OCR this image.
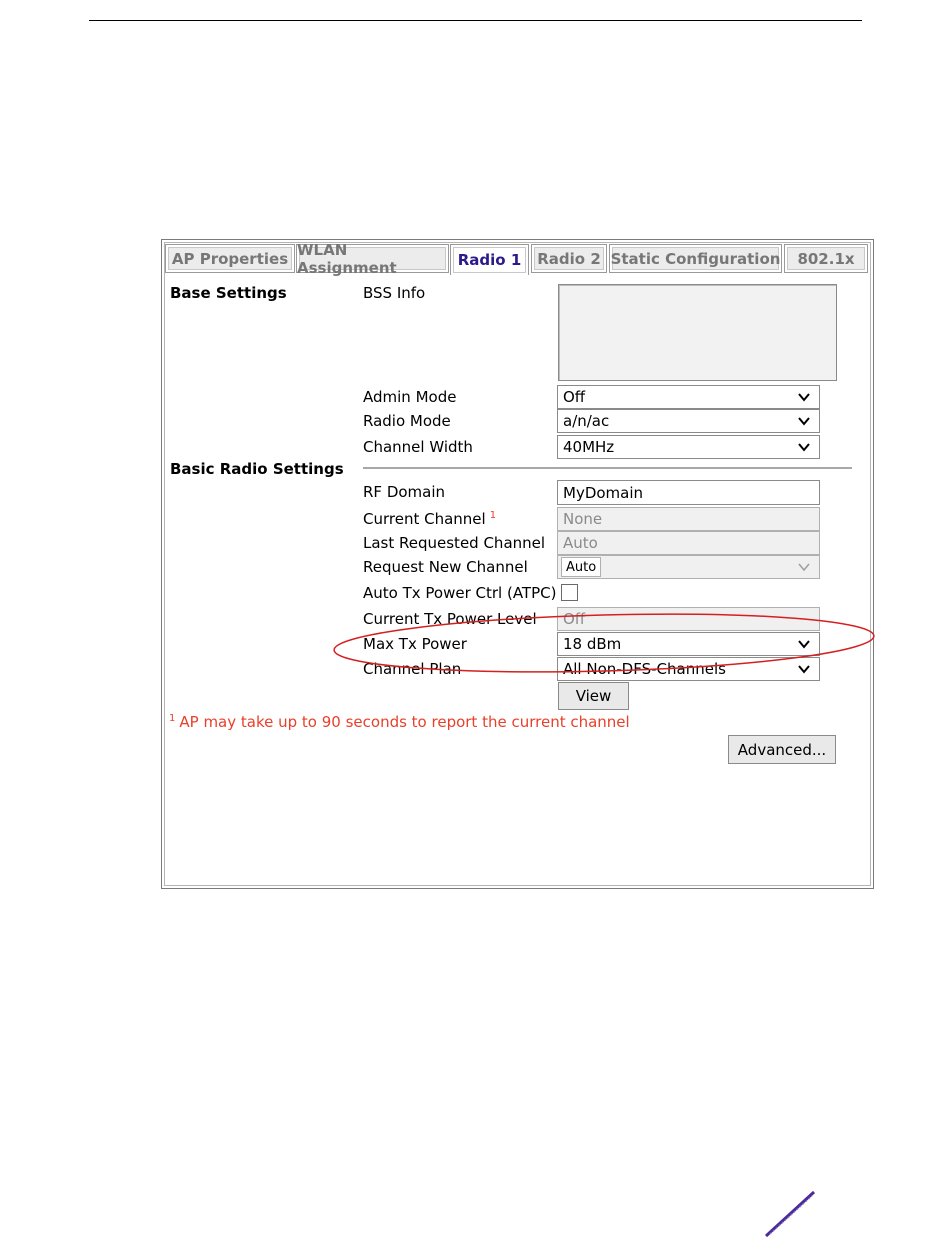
AP Properties WLAN Assignment	Radio 1 Radio 2 Static Configuration 802.1x
Base Settings
Basic Radio Settings
BSS Info
Admin Mode	Off
Radio Mode	a/n/ac
Channel Width	40MHz
RF Domain	MyDomain
Current Channel $^1$	None
Last Requested Channel Auto
Request New Channel	Auto
Auto Tx Power Ctrl (ATPC)
Current Tx Power Level Off
Max Tx Power	18 dBm
Channel Plan	All Non-DFS-Channels
View
$^1$ AP may take up to 90 seconds to report the current channel
Advanced...
